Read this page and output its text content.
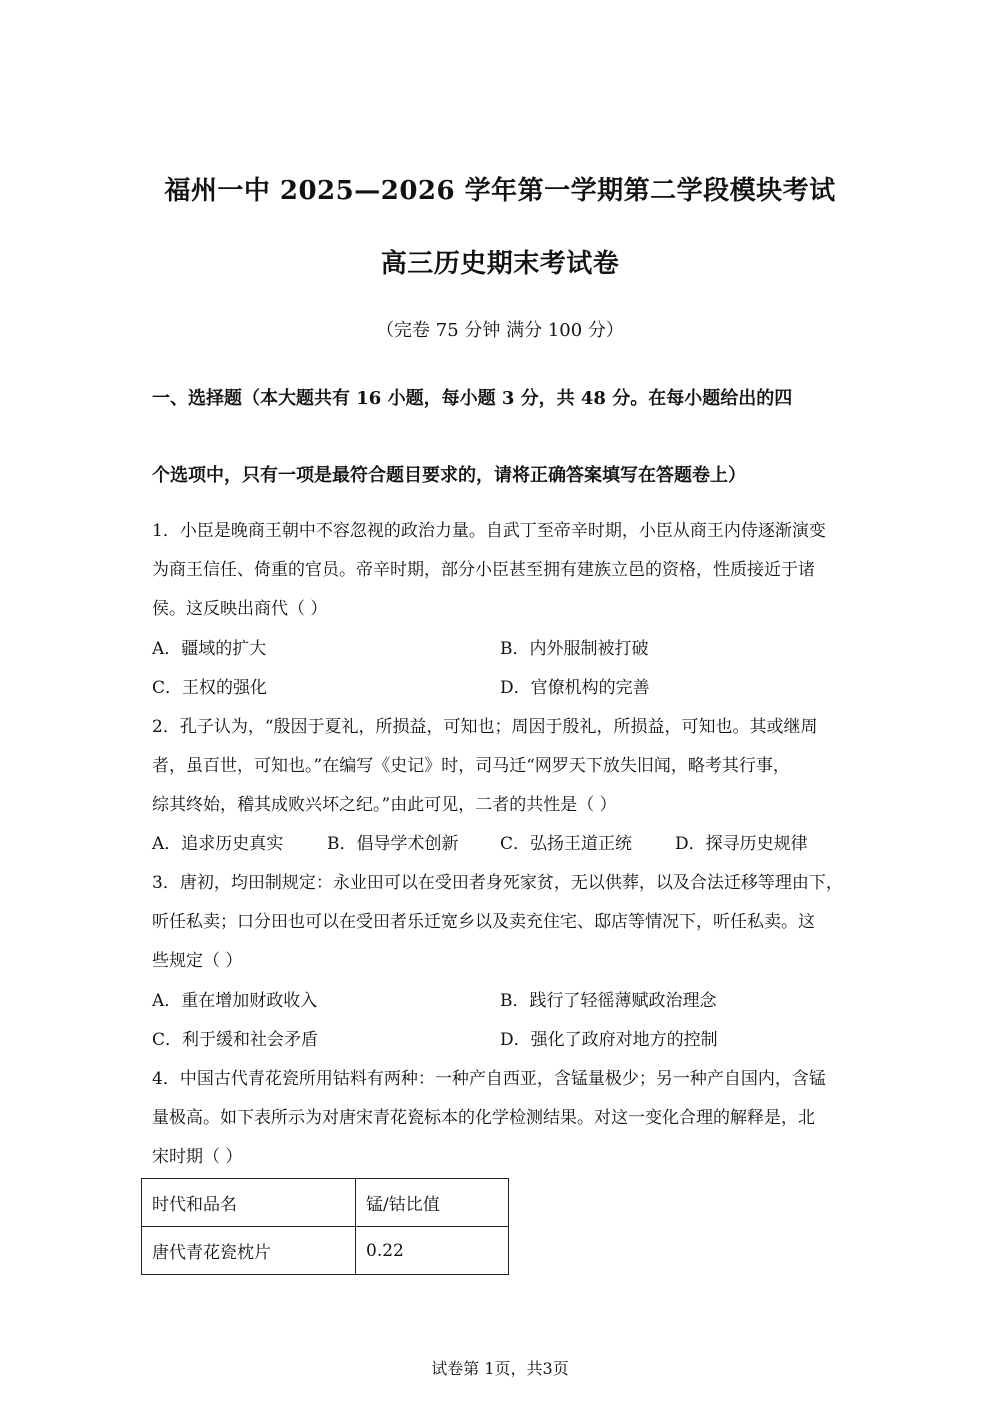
福州一中 2025—2026 学年第一学期第二学段模块考试
高三历史期末考试卷
（完卷 75 分钟 满分 100 分）
一、选择题（本大题共有 16 小题，每小题 3 分，共 48 分。在每小题给出的四
个选项中，只有一项是最符合题目要求的，请将正确答案填写在答题卷上）
1．小臣是晚商王朝中不容忽视的政治力量。自武丁至帝辛时期，小臣从商王内侍逐渐演变
为商王信任、倚重的官员。帝辛时期，部分小臣甚至拥有建族立邑的资格，性质接近于诸
侯。这反映出商代（ ）
A．疆域的扩大	B．内外服制被打破
C．王权的强化	D．官僚机构的完善
2．孔子认为，“殷因于夏礼，所损益，可知也；周因于殷礼，所损益，可知也。其或继周
者，虽百世，可知也。”在编写《史记》时，司马迁“网罗天下放失旧闻，略考其行事，
综其终始，稽其成败兴坏之纪。”由此可见，二者的共性是（ ）
A．追求历史真实	B．倡导学术创新 C．弘扬王道正统	D．探寻历史规律
3．唐初，均田制规定：永业田可以在受田者身死家贫，无以供葬，以及合法迁移等理由下，
听任私卖；口分田也可以在受田者乐迁宽乡以及卖充住宅、邸店等情况下，听任私卖。这
些规定（ ）
A．重在增加财政收入	B．践行了轻徭薄赋政治理念
C．利于缓和社会矛盾	D．强化了政府对地方的控制
4．中国古代青花瓷所用钴料有两种：一种产自西亚，含锰量极少；另一种产自国内，含锰
量极高。如下表所示为对唐宋青花瓷标本的化学检测结果。对这一变化合理的解释是，北
宋时期（ ）
时代和品名	锰/钴比值
唐代青花瓷枕片	0.22
试卷第 1页，共3页
